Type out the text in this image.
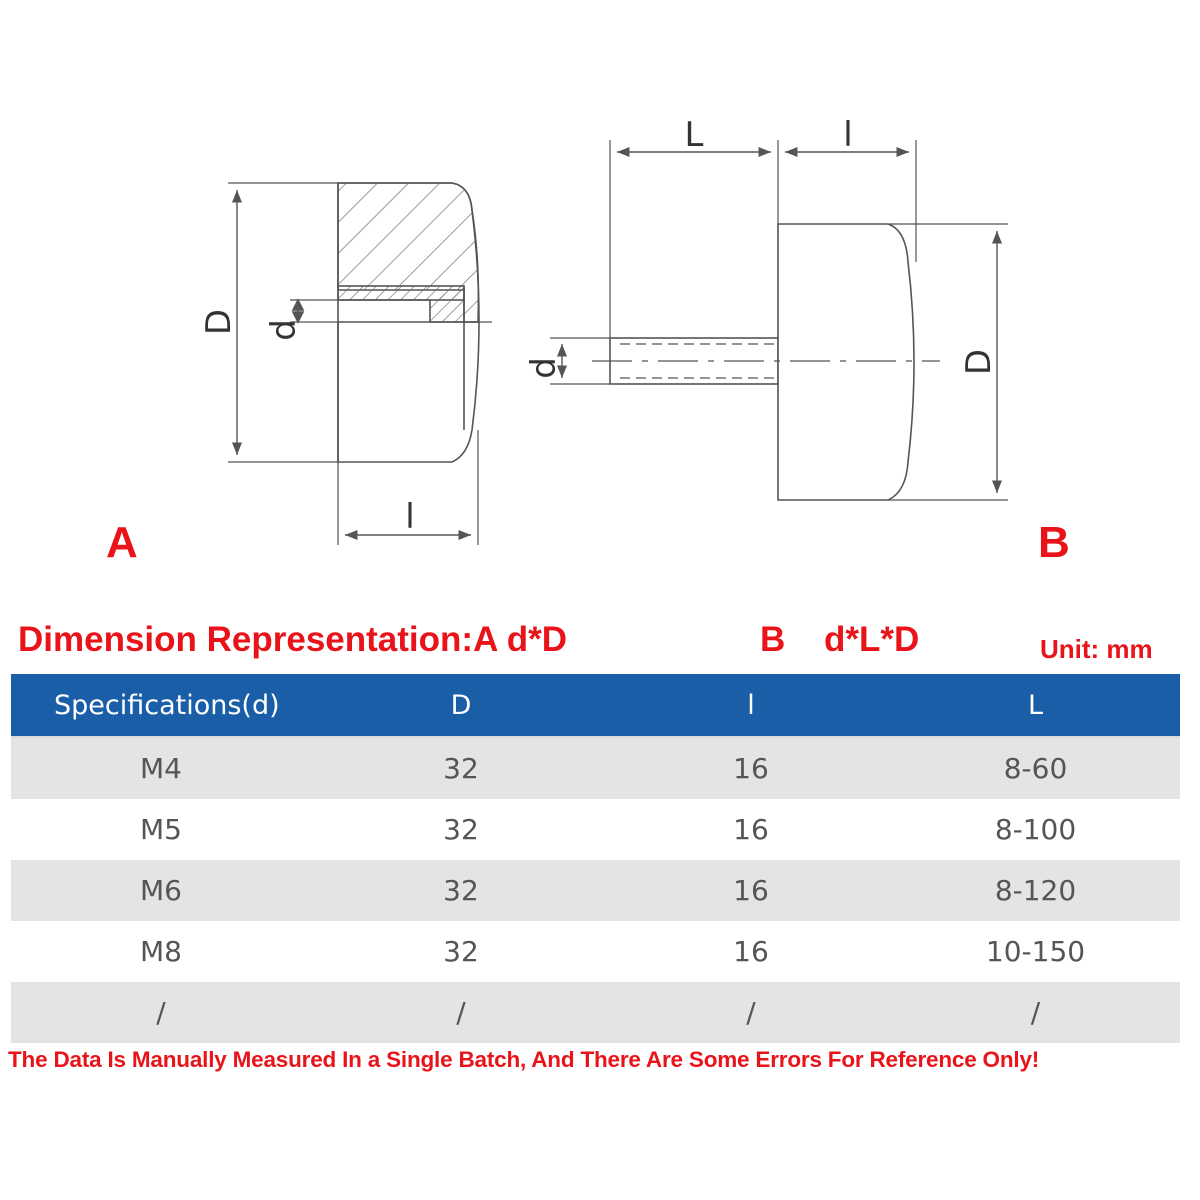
D d
l
L	l
D
d
A	B
Dimension Representation:A d*D	B d*L*D	Unit: mm
Specifications(d)	D	l	L
M4	32	16	8-60
M5	32	16	8-100
M6	32	16	8-120
M8	32	16	10-150
/	/	/	/
The Data Is Manually Measured In a Single Batch, And There Are Some Errors For Reference Only!
